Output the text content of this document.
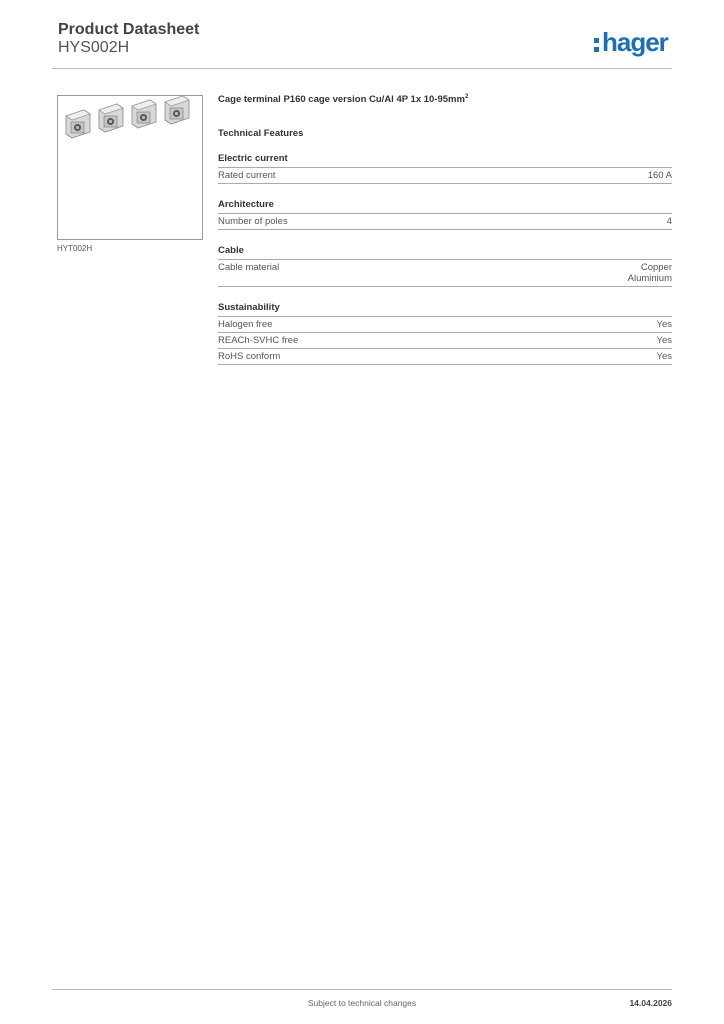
Product Datasheet
HYS002H	hager
HYT002H
Cage terminal P160 cage version Cu/Al 4P 1x $10-95mm^2$
Technical Features
Electric current
Rated current	160 A
Architecture
Number of poles	4
Cable
Cable material	Copper
Aluminium
Sustainability
Halogen free	Yes
REACh-SVHC free	Yes
RoHS conform	Yes
Subject to technical changes	14.04.2026
